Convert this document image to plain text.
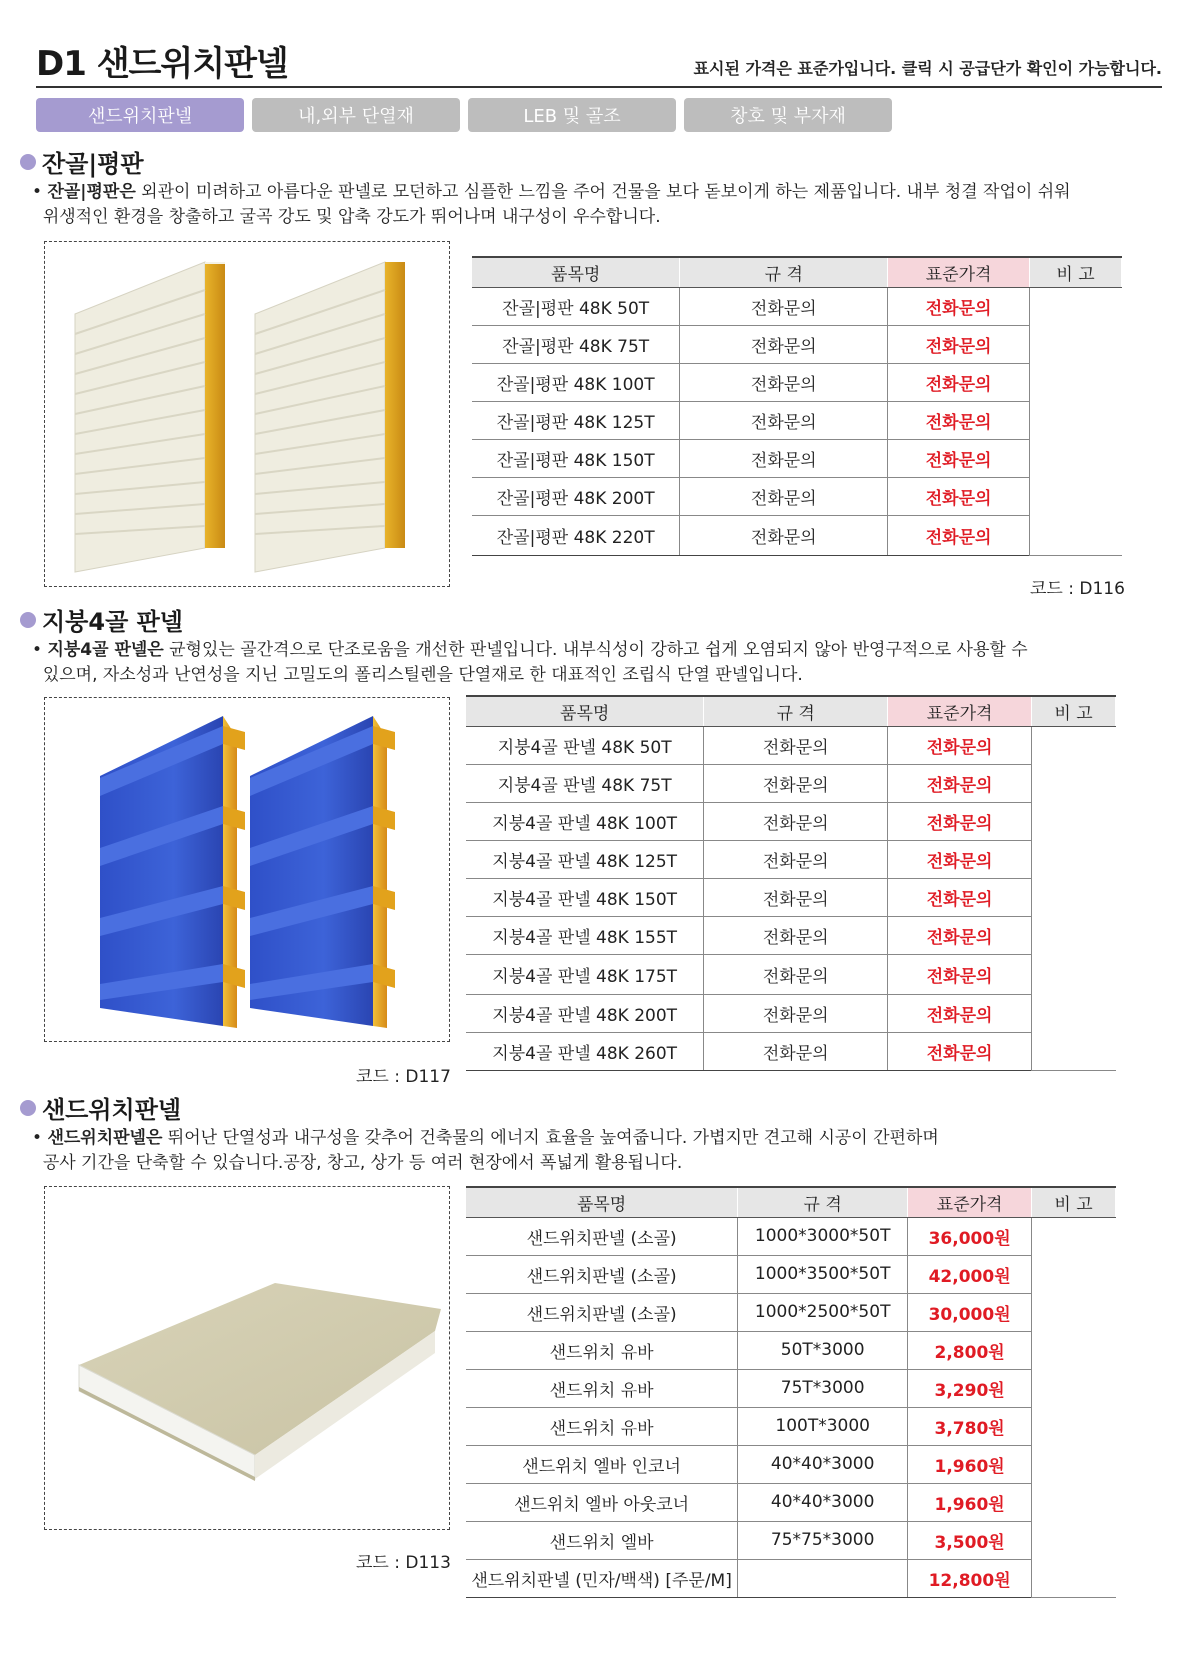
D1 샌드위치판넬	표시된 가격은 표준가입니다. 클릭 시 공급단가 확인이 가능합니다.
샌드위치판넬	내,외부 단열재	LEB 및 골조	창호 및 부자재
잔골|평판
• 잔골|평판은 외관이 미려하고 아름다운 판넬로 모던하고 심플한 느낌을 주어 건물을 보다 돋보이게 하는 제품입니다. 내부 청결 작업이 쉬워
위생적인 환경을 창출하고 굴곡 강도 및 압축 강도가 뛰어나며 내구성이 우수합니다.
품목명	규 격	표준가격	비 고
잔골|평판 48K 50T	전화문의	전화문의	
잔골|평판 48K 75T	전화문의	전화문의	
잔골|평판 48K 100T	전화문의	전화문의	
잔골|평판 48K 125T	전화문의	전화문의	
잔골|평판 48K 150T	전화문의	전화문의	
잔골|평판 48K 200T	전화문의	전화문의	
잔골|평판 48K 220T	전화문의	전화문의	
코드 : D116
지붕4골 판넬
• 지붕4골 판넬은 균형있는 골간격으로 단조로움을 개선한 판넬입니다. 내부식성이 강하고 쉽게 오염되지 않아 반영구적으로 사용할 수
있으며, 자소성과 난연성을 지닌 고밀도의 폴리스틸렌을 단열재로 한 대표적인 조립식 단열 판넬입니다.
품목명	규 격	표준가격	비 고
지붕4골 판넬 48K 50T	전화문의	전화문의	
지붕4골 판넬 48K 75T	전화문의	전화문의	
지붕4골 판넬 48K 100T	전화문의	전화문의	
지붕4골 판넬 48K 125T	전화문의	전화문의	
지붕4골 판넬 48K 150T	전화문의	전화문의	
지붕4골 판넬 48K 155T	전화문의	전화문의	
지붕4골 판넬 48K 175T	전화문의	전화문의	
지붕4골 판넬 48K 200T	전화문의	전화문의	
지붕4골 판넬 48K 260T	전화문의	전화문의	
코드 : D117
샌드위치판넬
• 샌드위치판넬은 뛰어난 단열성과 내구성을 갖추어 건축물의 에너지 효율을 높여줍니다. 가볍지만 견고해 시공이 간편하며
공사 기간을 단축할 수 있습니다.공장, 창고, 상가 등 여러 현장에서 폭넓게 활용됩니다.
품목명	규 격	표준가격	비 고
샌드위치판넬 (소골)	1000*3000*50T	36,000원	
샌드위치판넬 (소골)	1000*3500*50T	42,000원	
샌드위치판넬 (소골)	1000*2500*50T	30,000원	
샌드위치 유바	50T*3000	2,800원	
샌드위치 유바	75T*3000	3,290원	
샌드위치 유바	100T*3000	3,780원	
샌드위치 엘바 인코너	40*40*3000	1,960원	
샌드위치 엘바 아웃코너	40*40*3000	1,960원	
샌드위치 엘바	75*75*3000	3,500원	
샌드위치판넬 (민자/백색) [주문/M]		12,800원	
코드 : D113
